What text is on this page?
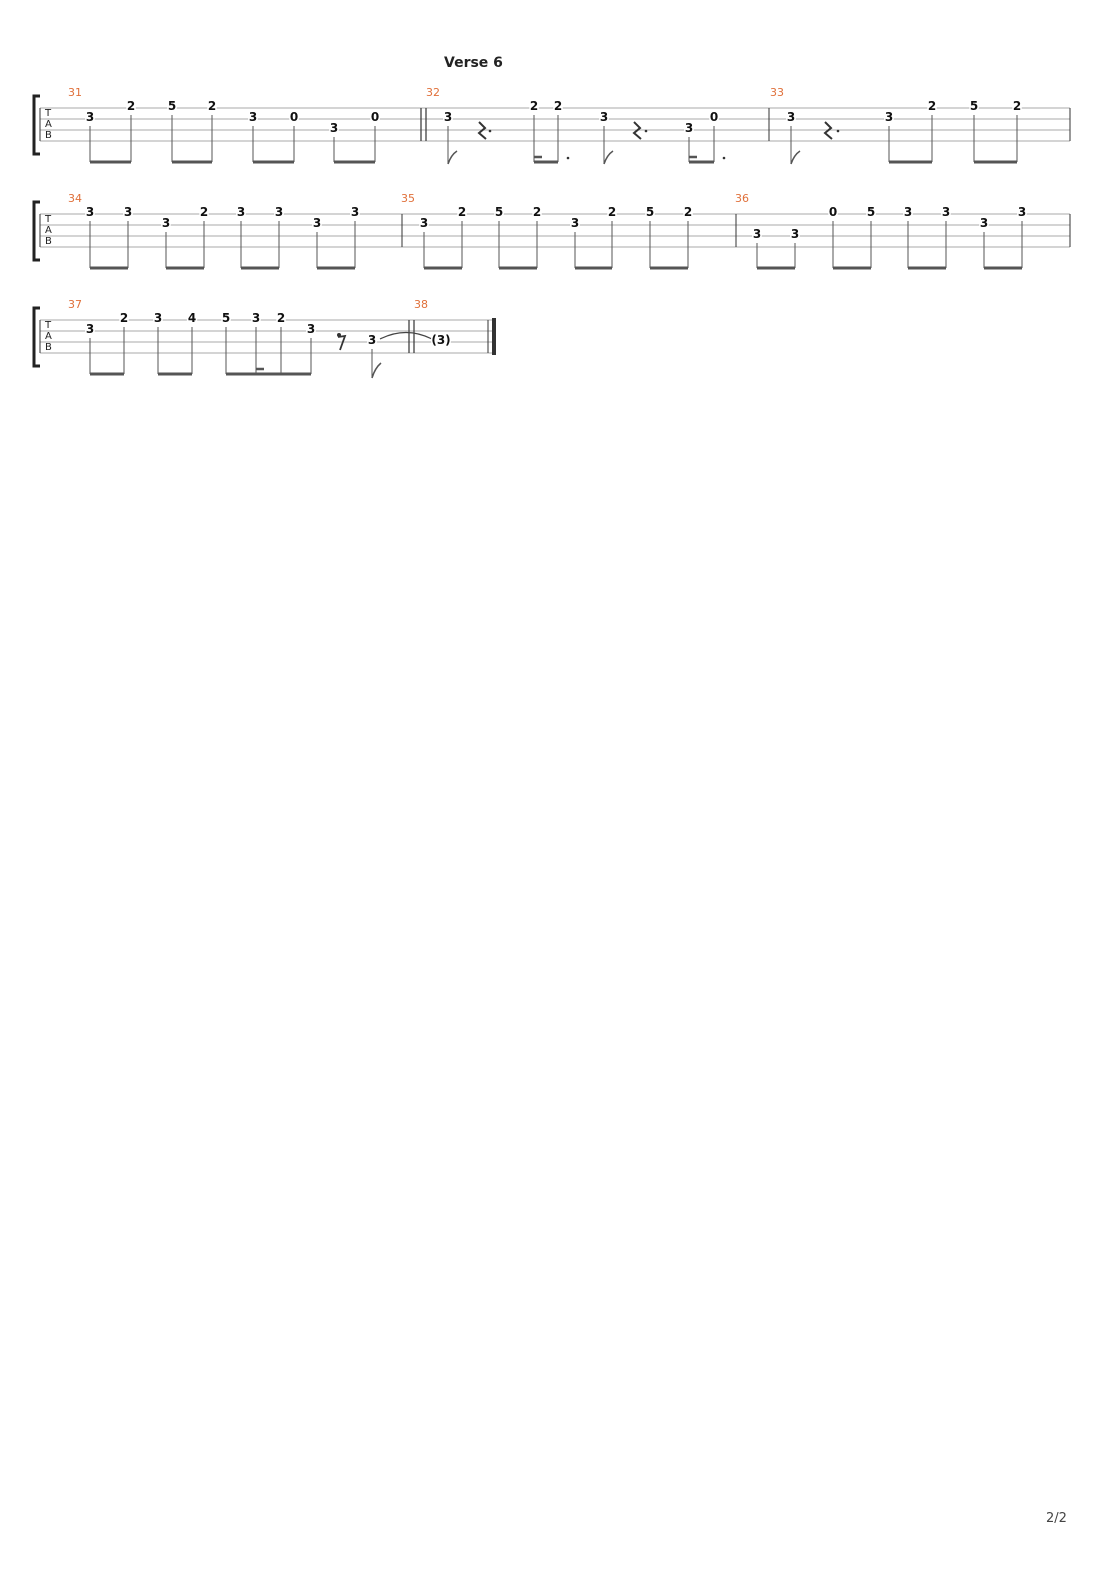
Verse 6
T
A
B
31	32	33
3
2	5	2
3	0
3
0	3
2 2
3
3
0	3	3
2	5	2
T
A
B
34	35	36
3 3
3
2 3 3
3
3
3
2 5 2
3
2 5 2
3 3
0 5 3 3
3
3
T
A
B
37	38
3
2 3 4 5 3 2
3
3	(3)
2/2
